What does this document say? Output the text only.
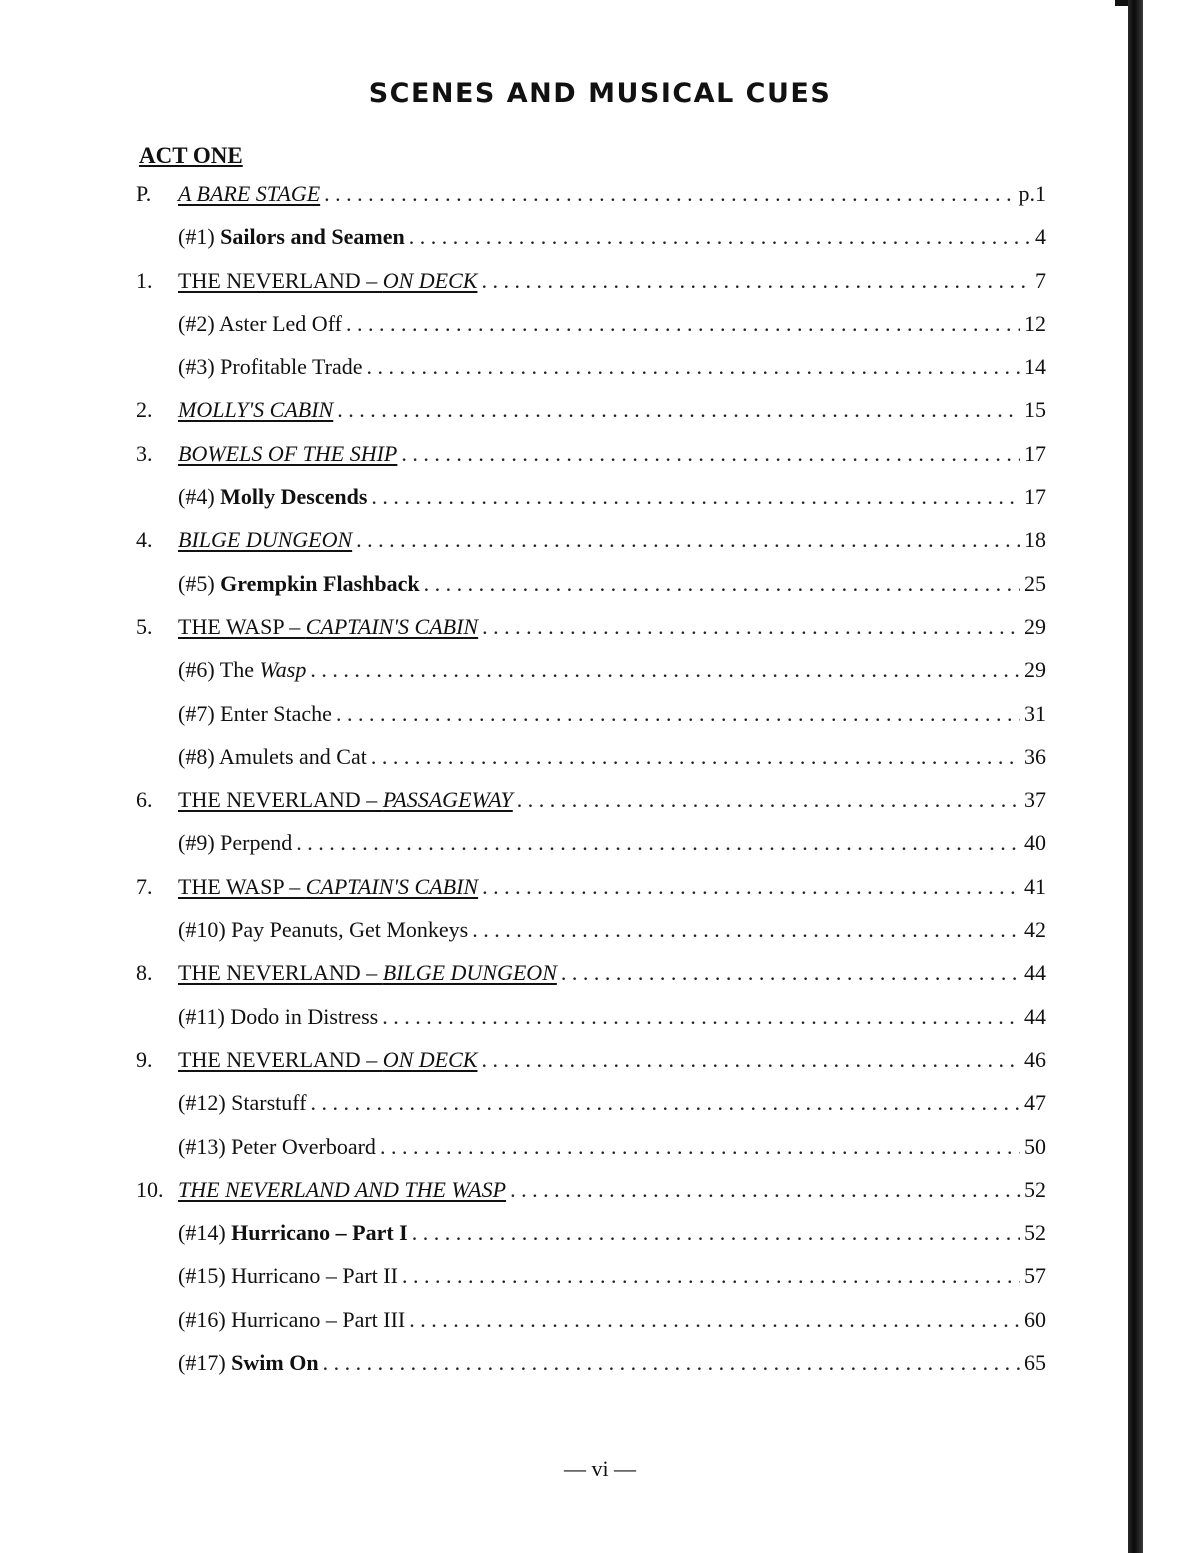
SCENES AND MUSICAL CUES
ACT ONE
P.	A BARE STAGE . . .	p.1
(#1) Sailors and Seamen . . .	4
1.	THE NEVERLAND – ON DECK . . .	7
(#2) Aster Led Off . . .	12
(#3) Profitable Trade . . .	14
2.	MOLLY'S CABIN . . .	15
3.	BOWELS OF THE SHIP . . .	17
(#4) Molly Descends . . .	17
4.	BILGE DUNGEON . . .	18
(#5) Grempkin Flashback . . .	25
5.	THE WASP – CAPTAIN'S CABIN . . .	29
(#6) The Wasp . . .	29
(#7) Enter Stache . . .	31
(#8) Amulets and Cat . . .	36
6.	THE NEVERLAND – PASSAGEWAY . . .	37
(#9) Perpend . . .	40
7.	THE WASP – CAPTAIN'S CABIN . . .	41
(#10) Pay Peanuts, Get Monkeys . . .	42
8.	THE NEVERLAND – BILGE DUNGEON . . .	44
(#11) Dodo in Distress . . .	44
9.	THE NEVERLAND – ON DECK . . .	46
(#12) Starstuff . . .	47
(#13) Peter Overboard . . .	50
10. THE NEVERLAND AND THE WASP . . .	52
(#14) Hurricano – Part I . . .	52
(#15) Hurricano – Part II . . .	57
(#16) Hurricano – Part III . . .	60
(#17) Swim On . . .	65
— vi —
